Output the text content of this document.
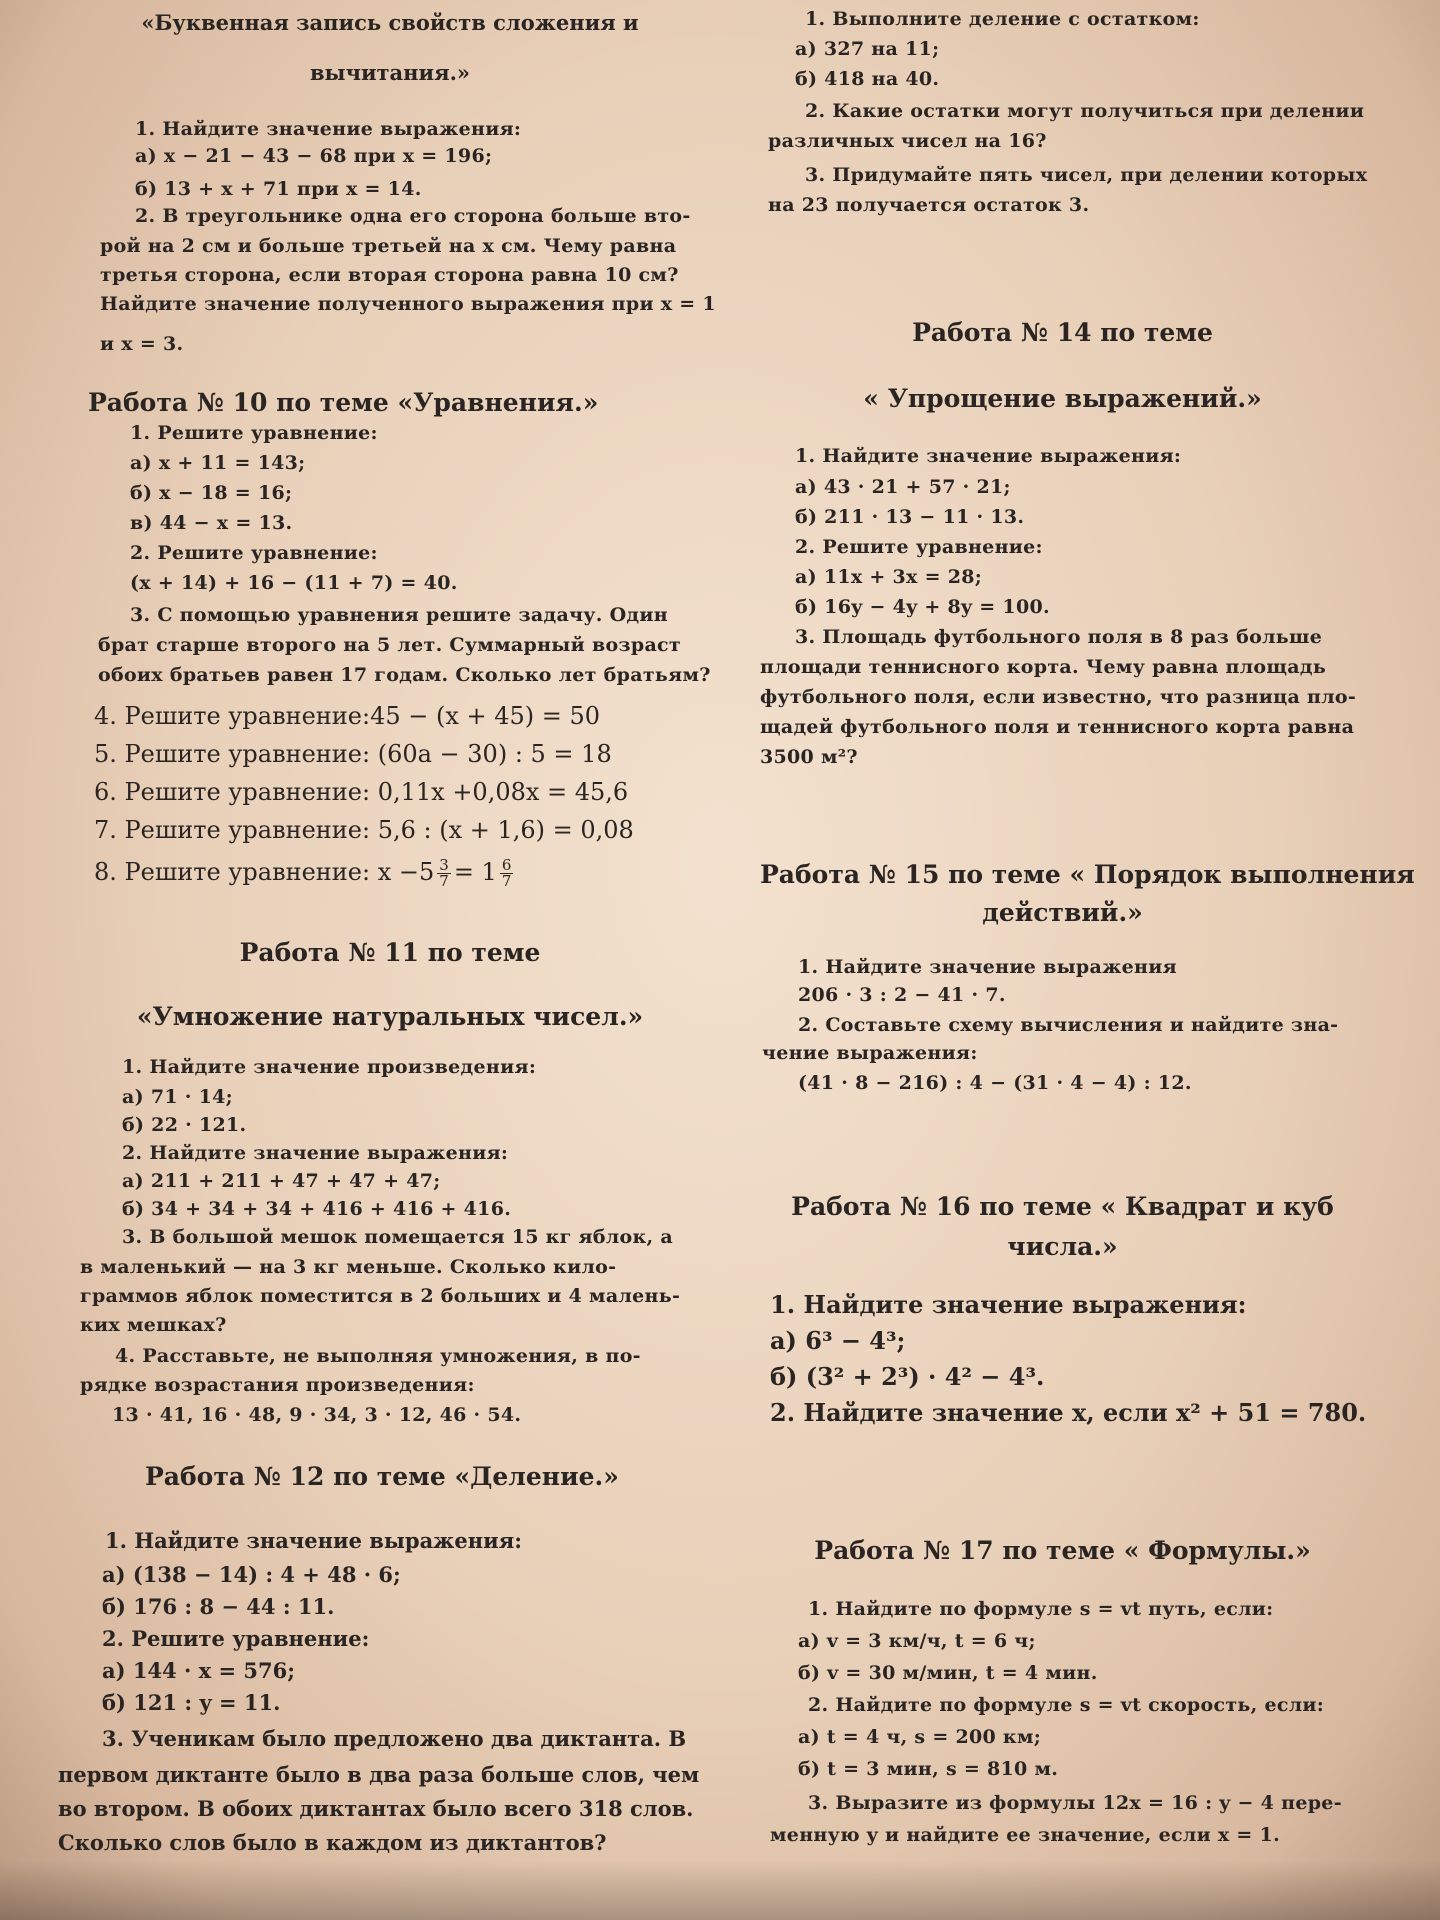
«Буквенная запись свойств сложения и
вычитания.»
1. Найдите значение выражения:
а) x − 21 − 43 − 68 при x = 196;
б) 13 + x + 71 при x = 14.
2. В треугольнике одна его сторона больше вто-
рой на 2 см и больше третьей на x см. Чему равна
третья сторона, если вторая сторона равна 10 см?
Найдите значение полученного выражения при x = 1
и x = 3.
Работа № 10 по теме «Уравнения.»
1. Решите уравнение:
а) x + 11 = 143;
б) x − 18 = 16;
в) 44 − x = 13.
2. Решите уравнение:
(x + 14) + 16 − (11 + 7) = 40.
3. С помощью уравнения решите задачу. Один
брат старше второго на 5 лет. Суммарный возраст
обоих братьев равен 17 годам. Сколько лет братьям?
4. Решите уравнение:45 − (x + 45) = 50
5. Решите уравнение: (60a − 30) : 5 = 18
6. Решите уравнение: 0,11x +0,08x = 45,6
7. Решите уравнение: 5,6 : (x + 1,6) = 0,08
8. Решите уравнение: $x -5 \frac{3}{7} = 1 \frac{6}{7}$
Работа № 11 по теме
«Умножение натуральных чисел.»
1. Найдите значение произведения:
а) 71 · 14;
б) 22 · 121.
2. Найдите значение выражения:
а) 211 + 211 + 47 + 47 + 47;
б) 34 + 34 + 34 + 416 + 416 + 416.
3. В большой мешок помещается 15 кг яблок, а
в маленький — на 3 кг меньше. Сколько кило-
граммов яблок поместится в 2 больших и 4 малень-
ких мешках?
4. Расставьте, не выполняя умножения, в по-
рядке возрастания произведения:
13 · 41, 16 · 48, 9 · 34, 3 · 12, 46 · 54.
Работа № 12 по теме «Деление.»
1. Найдите значение выражения:
а) (138 − 14) : 4 + 48 · 6;
б) 176 : 8 − 44 : 11.
2. Решите уравнение:
а) 144 · x = 576;
б) 121 : y = 11.
3. Ученикам было предложено два диктанта. В
первом диктанте было в два раза больше слов, чем
во втором. В обоих диктантах было всего 318 слов.
Сколько слов было в каждом из диктантов?
1. Выполните деление с остатком:
а) 327 на 11;
б) 418 на 40.
2. Какие остатки могут получиться при делении
различных чисел на 16?
3. Придумайте пять чисел, при делении которых
на 23 получается остаток 3.
Работа № 14 по теме
« Упрощение выражений.»
1. Найдите значение выражения:
а) 43 · 21 + 57 · 21;
б) 211 · 13 − 11 · 13.
2. Решите уравнение:
а) 11x + 3x = 28;
б) 16y − 4y + 8y = 100.
3. Площадь футбольного поля в 8 раз больше
площади теннисного корта. Чему равна площадь
футбольного поля, если известно, что разница пло-
щадей футбольного поля и теннисного корта равна
3500 м²?
Работа № 15 по теме « Порядок выполнения
действий.»
1. Найдите значение выражения
206 · 3 : 2 − 41 · 7.
2. Составьте схему вычисления и найдите зна-
чение выражения:
(41 · 8 − 216) : 4 − (31 · 4 − 4) : 12.
Работа № 16 по теме « Квадрат и куб
числа.»
1. Найдите значение выражения:
а) 6³ − 4³;
б) (3² + 2³) · 4² − 4³.
2. Найдите значение x, если x² + 51 = 780.
Работа № 17 по теме « Формулы.»
1. Найдите по формуле s = vt путь, если:
а) v = 3 км/ч, t = 6 ч;
б) v = 30 м/мин, t = 4 мин.
2. Найдите по формуле s = vt скорость, если:
а) t = 4 ч, s = 200 км;
б) t = 3 мин, s = 810 м.
3. Выразите из формулы 12x = 16 : y − 4 пере-
менную y и найдите ее значение, если x = 1.
